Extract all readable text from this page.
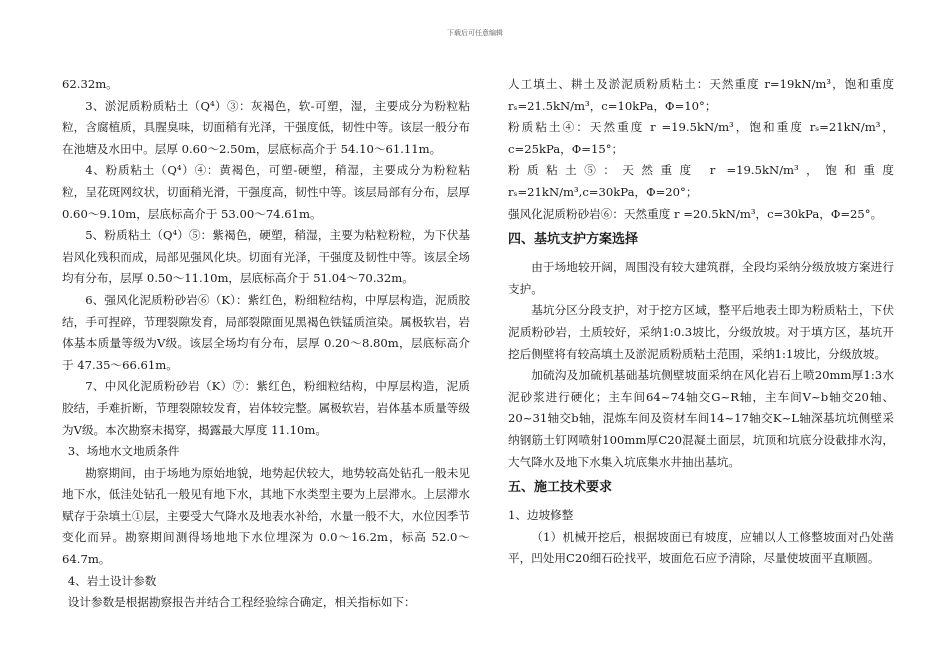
下载后可任意编辑

62.32m。

3、淤泥质粉质粘土（Q⁴）③：灰褐色，软-可塑，湿，主要成分为粉粒粘粒，含腐植质，具腥臭味，切面稍有光泽，干强度低，韧性中等。该层一般分布在池塘及水田中。层厚 0.60～2.50m，层底标高介于 54.10～61.11m。

4、粉质粘土（Q⁴）④：黄褐色，可塑-硬塑，稍湿，主要成分为粉粒粘粒，呈花斑网纹状，切面稍光滑，干强度高，韧性中等。该层局部有分布，层厚 0.60～9.10m，层底标高介于 53.00～74.61m。

5、粉质粘土（Q⁴）⑤：紫褐色，硬塑，稍湿，主要为粘粒粉粒，为下伏基岩风化残积而成，局部见强风化块。切面有光泽，干强度及韧性中等。该层全场均有分布，层厚 0.50～11.10m，层底标高介于 51.04～70.32m。

6、强风化泥质粉砂岩⑥（K）：紫红色，粉细粒结构，中厚层构造，泥质胶结，手可捏碎，节理裂隙发育，局部裂隙面见黑褐色铁锰质渲染。属极软岩，岩体基本质量等级为Ⅴ级。该层全场均有分布，层厚 0.20～8.80m，层底标高介于 47.35～66.61m。

7、中风化泥质粉砂岩（K）⑦：紫红色，粉细粒结构，中厚层构造，泥质胶结，手难折断，节理裂隙较发育，岩体较完整。属极软岩，岩体基本质量等级为Ⅴ级。本次勘察未揭穿，揭露最大厚度 11.10m。

3、场地水文地质条件

勘察期间，由于场地为原始地貌，地势起伏较大，地势较高处钻孔一般未见地下水，低洼处钻孔一般见有地下水，其地下水类型主要为上层滞水。上层滞水赋存于杂填土①层，主要受大气降水及地表水补给，水量一般不大，水位因季节变化而异。勘察期间测得场地地下水位埋深为 0.0～16.2m，标高 52.0～64.7m。

4、岩土设计参数

设计参数是根据勘察报告并结合工程经验综合确定，相关指标如下：

人工填土、耕土及淤泥质粉质粘土：天然重度 r=19kN/m³，饱和重度 rₛ=21.5kN/m³，c=10kPa，Φ=10°；

粉质粘土④：天然重度 r =19.5kN/m³，饱和重度 rₛ=21kN/m³，c=25kPa，Φ=15°；

粉质粘土⑤：天然重度 r =19.5kN/m³，饱和重度 rₛ=21kN/m³,c=30kPa，Φ=20°；

强风化泥质粉砂岩⑥：天然重度 r =20.5kN/m³，c=30kPa，Φ=25°。

四、基坑支护方案选择

由于场地较开阔，周围没有较大建筑群，全段均采纳分级放坡方案进行支护。

基坑分区分段支护，对于挖方区域，整平后地表土即为粉质粘土，下伏泥质粉砂岩，土质较好，采纳1:0.3坡比，分级放坡。对于填方区，基坑开挖后侧壁将有较高填土及淤泥质粉质粘土范围，采纳1:1坡比，分级放坡。

加硫沟及加硫机基础基坑侧壁坡面采纳在风化岩石上喷20mm厚1:3水泥砂浆进行硬化；主车间64~74轴交G~R轴，主车间V~b轴交20轴、20~31轴交b轴，混炼车间及资材车间14~17轴交K~L轴深基坑坑侧壁采纳钢筋土钉网喷射100mm厚C20混凝土面层，坑顶和坑底分设截排水沟，大气降水及地下水集入坑底集水井抽出基坑。

五、施工技术要求

1、边坡修整

（1）机械开挖后，根据坡面已有坡度，应辅以人工修整坡面对凸处凿平，凹处用C20细石砼找平，坡面危石应予清除，尽量使坡面平直顺圆。
